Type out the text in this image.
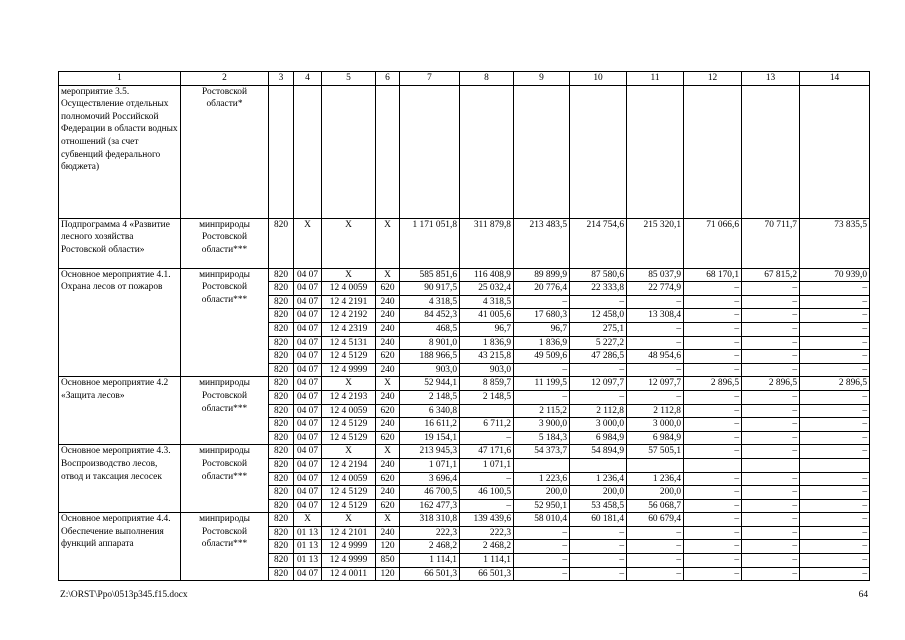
1	2	3	4	5	6	7	8	9	10	11	12	13	14
мероприятие 3.5. Осуществление отдельных полномочий Российской Федерации в области водных отношений (за счет субвенций федерального бюджета)	Ростовской области*												
Подпрограмма 4 «Развитие лесного хозяйства Ростовской области»	минприроды Ростовской области***	820	X	X	X	1 171 051,8	311 879,8	213 483,5	214 754,6	215 320,1	71 066,6	70 711,7	73 835,5
Основное мероприятие 4.1. Охрана лесов от пожаров	минприроды Ростовской области***	820	04 07	X	X	585 851,6	116 408,9	89 899,9	87 580,6	85 037,9	68 170,1	67 815,2	70 939,0
		820	04 07	12 4 0059	620	90 917,5	25 032,4	20 776,4	22 333,8	22 774,9	–	–	–
		820	04 07	12 4 2191	240	4 318,5	4 318,5	–	–	–	–	–	–
		820	04 07	12 4 2192	240	84 452,3	41 005,6	17 680,3	12 458,0	13 308,4	–	–	–
		820	04 07	12 4 2319	240	468,5	96,7	96,7	275,1	–	–	–	–
		820	04 07	12 4 5131	240	8 901,0	1 836,9	1 836,9	5 227,2	–	–	–	–
		820	04 07	12 4 5129	620	188 966,5	43 215,8	49 509,6	47 286,5	48 954,6	–	–	–
		820	04 07	12 4 9999	240	903,0	903,0	–	–	–	–	–	–
Основное мероприятие 4.2 «Защита лесов»	минприроды Ростовской области***	820	04 07	X	X	52 944,1	8 859,7	11 199,5	12 097,7	12 097,7	2 896,5	2 896,5	2 896,5
		820	04 07	12 4 2193	240	2 148,5	2 148,5	–	–	–	–	–	–
		820	04 07	12 4 0059	620	6 340,8		2 115,2	2 112,8	2 112,8	–	–	–
		820	04 07	12 4 5129	240	16 611,2	6 711,2	3 900,0	3 000,0	3 000,0	–	–	–
		820	04 07	12 4 5129	620	19 154,1	–	5 184,3	6 984,9	6 984,9	–	–	–
Основное мероприятие 4.3. Воспроизводство лесов, отвод и таксация лесосек	минприроды Ростовской области***	820	04 07	X	X	213 945,3	47 171,6	54 373,7	54 894,9	57 505,1	–	–	–
		820	04 07	12 4 2194	240	1 071,1	1 071,1						
		820	04 07	12 4 0059	620	3 696,4	–	1 223,6	1 236,4	1 236,4	–	–	–
		820	04 07	12 4 5129	240	46 700,5	46 100,5	200,0	200,0	200,0	–	–	–
		820	04 07	12 4 5129	620	162 477,3	–	52 950,1	53 458,5	56 068,7	–	–	–
Основное мероприятие 4.4. Обеспечение выполнения функций аппарата	минприроды Ростовской области***	820	X	X	X	318 310,8	139 439,6	58 010,4	60 181,4	60 679,4	–	–	–
		820	01 13	12 4 2101	240	222,3	222,3	–	–	–	–	–	–
		820	01 13	12 4 9999	120	2 468,2	2 468,2	–	–	–	–	–	–
		820	01 13	12 4 9999	850	1 114,1	1 114,1	–	–	–	–	–	–
		820	04 07	12 4 0011	120	66 501,3	66 501,3	–	–	–	–	–	–
Z:\ORST\Ppo\0513p345.f15.docx	64
